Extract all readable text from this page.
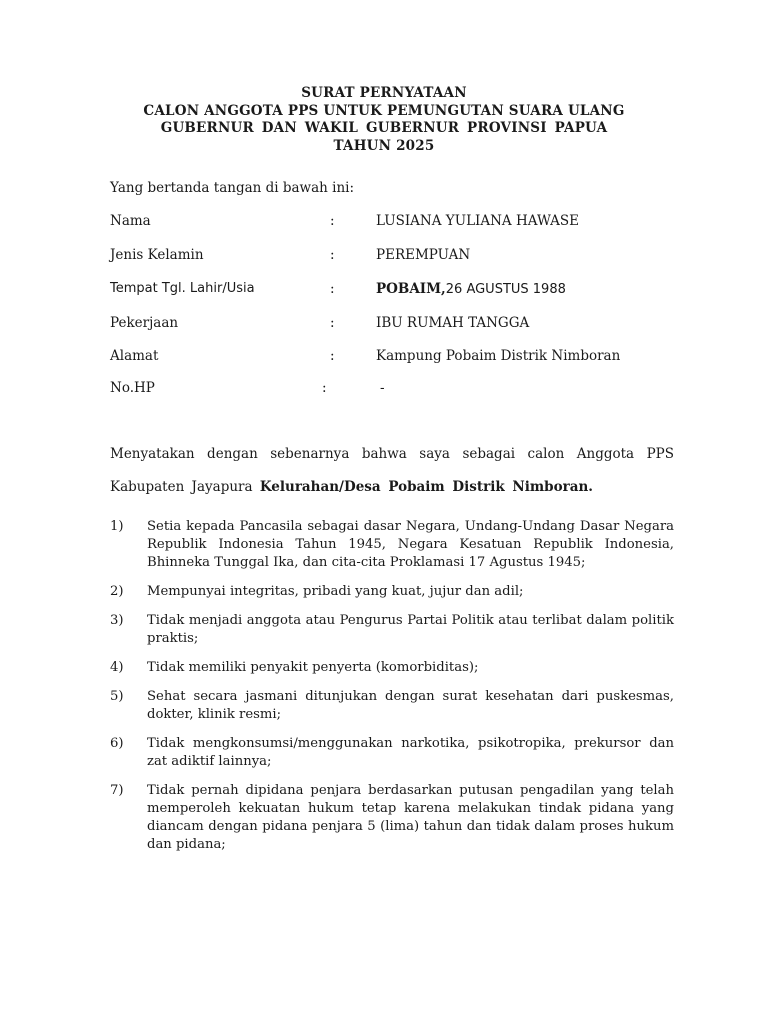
SURAT PERNYATAAN
CALON ANGGOTA PPS UNTUK PEMUNGUTAN SUARA ULANG
GUBERNUR DAN WAKIL GUBERNUR PROVINSI PAPUA
TAHUN 2025
Yang bertanda tangan di bawah ini:
Nama	:	LUSIANA YULIANA HAWASE
Jenis Kelamin	:	PEREMPUAN
Tempat Tgl. Lahir/Usia	:	POBAIM,26 AGUSTUS 1988
Pekerjaan	:	IBU RUMAH TANGGA
Alamat	:	Kampung Pobaim Distrik Nimboran
No.HP	:	-
Menyatakan dengan sebenarnya bahwa saya sebagai calon Anggota PPS
Kabupaten Jayapura Kelurahan/Desa Pobaim Distrik Nimboran.
1) Setia kepada Pancasila sebagai dasar Negara, Undang-Undang Dasar Negara Republik Indonesia Tahun 1945, Negara Kesatuan Republik Indonesia, Bhinneka Tunggal Ika, dan cita-cita Proklamasi 17 Agustus 1945;
2) Mempunyai integritas, pribadi yang kuat, jujur dan adil;
3) Tidak menjadi anggota atau Pengurus Partai Politik atau terlibat dalam politik praktis;
4) Tidak memiliki penyakit penyerta (komorbiditas);
5) Sehat secara jasmani ditunjukan dengan surat kesehatan dari puskesmas, dokter, klinik resmi;
6) Tidak mengkonsumsi/menggunakan narkotika, psikotropika, prekursor dan zat adiktif lainnya;
7) Tidak pernah dipidana penjara berdasarkan putusan pengadilan yang telah memperoleh kekuatan hukum tetap karena melakukan tindak pidana yang diancam dengan pidana penjara 5 (lima) tahun dan tidak dalam proses hukum dan pidana;
